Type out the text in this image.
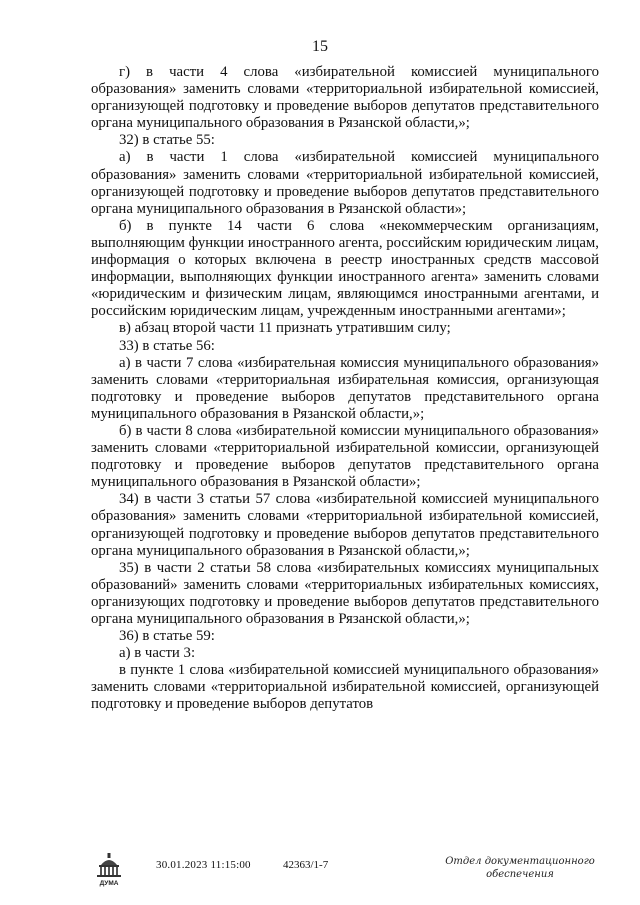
15

г) в части 4 слова «избирательной комиссией муниципального образования» заменить словами «территориальной избирательной комиссией, организующей подготовку и проведение выборов депутатов представительного органа муниципального образования в Рязанской области,»;

32) в статье 55:

а) в части 1 слова «избирательной комиссией муниципального образования» заменить словами «территориальной избирательной комиссией, организующей подготовку и проведение выборов депутатов представительного органа муниципального образования в Рязанской области»;

б) в пункте 14 части 6 слова «некоммерческим организациям, выполняющим функции иностранного агента, российским юридическим лицам, информация о которых включена в реестр иностранных средств массовой информации, выполняющих функции иностранного агента» заменить словами «юридическим и физическим лицам, являющимся иностранными агентами, и российским юридическим лицам, учрежденным иностранными агентами»;

в) абзац второй части 11 признать утратившим силу;

33) в статье 56:

а) в части 7 слова «избирательная комиссия муниципального образования» заменить словами «территориальная избирательная комиссия, организующая подготовку и проведение выборов депутатов представительного органа муниципального образования в Рязанской области,»;

б) в части 8 слова «избирательной комиссии муниципального образования» заменить словами «территориальной избирательной комиссии, организующей подготовку и проведение выборов депутатов представительного органа муниципального образования в Рязанской области»;

34) в части 3 статьи 57 слова «избирательной комиссией муниципального образования» заменить словами «территориальной избирательной комиссией, организующей подготовку и проведение выборов депутатов представительного органа муниципального образования в Рязанской области,»;

35) в части 2 статьи 58 слова «избирательных комиссиях муниципальных образований» заменить словами «территориальных избирательных комиссиях, организующих подготовку и проведение выборов депутатов представительного органа муниципального образования в Рязанской области,»;

36) в статье 59:

а) в части 3:

в пункте 1 слова «избирательной комиссией муниципального образования» заменить словами «территориальной избирательной комиссией, организующей подготовку и проведение выборов депутатов

ДУМА
30.01.2023 11:15:00	42363/1-7	Отдел документационного
обеспечения
